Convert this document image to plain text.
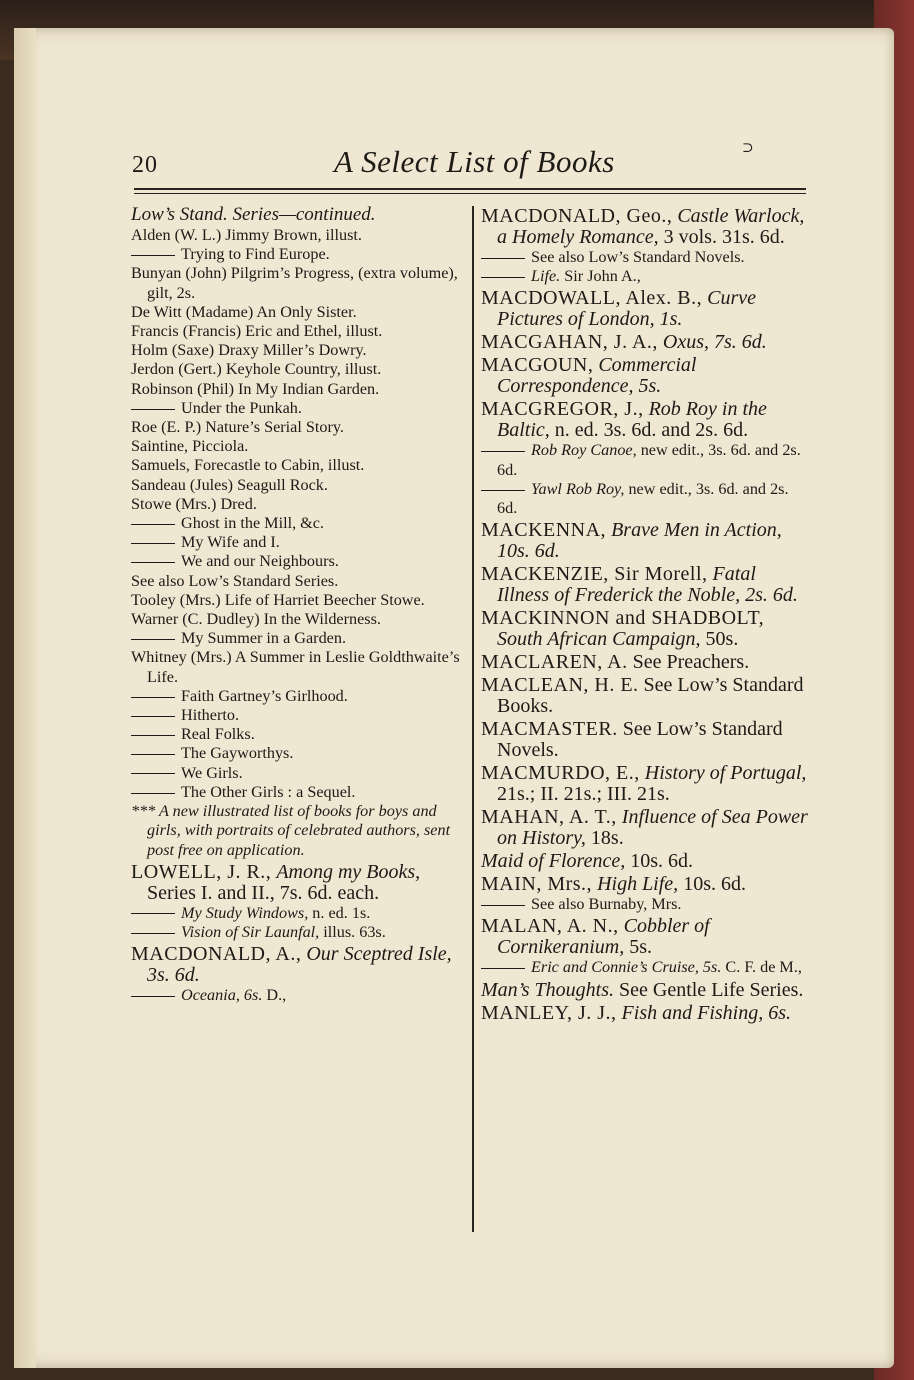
20	A Select List of Books	⊃

Low’s Stand. Series—continued.

Alden (W. L.) Jimmy Brown, illust.

Trying to Find Europe.

Bunyan (John) Pilgrim’s Progress, (extra volume), gilt, 2s.

De Witt (Madame) An Only Sister.

Francis (Francis) Eric and Ethel, illust.

Holm (Saxe) Draxy Miller’s Dowry.

Jerdon (Gert.) Keyhole Country, illust.

Robinson (Phil) In My Indian Garden.

Under the Punkah.

Roe (E. P.) Nature’s Serial Story.

Saintine, Picciola.

Samuels, Forecastle to Cabin, illust.

Sandeau (Jules) Seagull Rock.

Stowe (Mrs.) Dred.

Ghost in the Mill, &c.

My Wife and I.

We and our Neighbours.

See also Low’s Standard Series.

Tooley (Mrs.) Life of Harriet Beecher Stowe.

Warner (C. Dudley) In the Wilderness.

My Summer in a Garden.

Whitney (Mrs.) A Summer in Leslie Goldthwaite’s Life.

Faith Gartney’s Girlhood.

Hitherto.

Real Folks.

The Gayworthys.

We Girls.

The Other Girls : a Sequel.

*** A new illustrated list of books for boys and girls, with portraits of celebrated authors, sent post free on application.

LOWELL, J. R., Among my Books, Series I. and II., 7s. 6d. each.

My Study Windows, n. ed. 1s.

Vision of Sir Launfal, illus. 63s.

MACDONALD, A., Our Sceptred Isle, 3s. 6d.

Oceania, 6s. D.,

MACDONALD, Geo., Castle Warlock, a Homely Romance, 3 vols. 31s. 6d.

See also Low’s Standard Novels.

Life. Sir John A.,

MACDOWALL, Alex. B., Curve Pictures of London, 1s.

MACGAHAN, J. A., Oxus, 7s. 6d.

MACGOUN, Commercial Correspondence, 5s.

MACGREGOR, J., Rob Roy in the Baltic, n. ed. 3s. 6d. and 2s. 6d.

Rob Roy Canoe, new edit., 3s. 6d. and 2s. 6d.

Yawl Rob Roy, new edit., 3s. 6d. and 2s. 6d.

MACKENNA, Brave Men in Action, 10s. 6d.

MACKENZIE, Sir Morell, Fatal Illness of Frederick the Noble, 2s. 6d.

MACKINNON and SHADBOLT, South African Campaign, 50s.

MACLAREN, A. See Preachers.

MACLEAN, H. E. See Low’s Standard Books.

MACMASTER. See Low’s Standard Novels.

MACMURDO, E., History of Portugal, 21s.; II. 21s.; III. 21s.

MAHAN, A. T., Influence of Sea Power on History, 18s.

Maid of Florence, 10s. 6d.

MAIN, Mrs., High Life, 10s. 6d.

See also Burnaby, Mrs.

MALAN, A. N., Cobbler of Cornikeranium, 5s.

Eric and Connie’s Cruise, 5s. C. F. de M.,

Man’s Thoughts. See Gentle Life Series.

MANLEY, J. J., Fish and Fishing, 6s.
